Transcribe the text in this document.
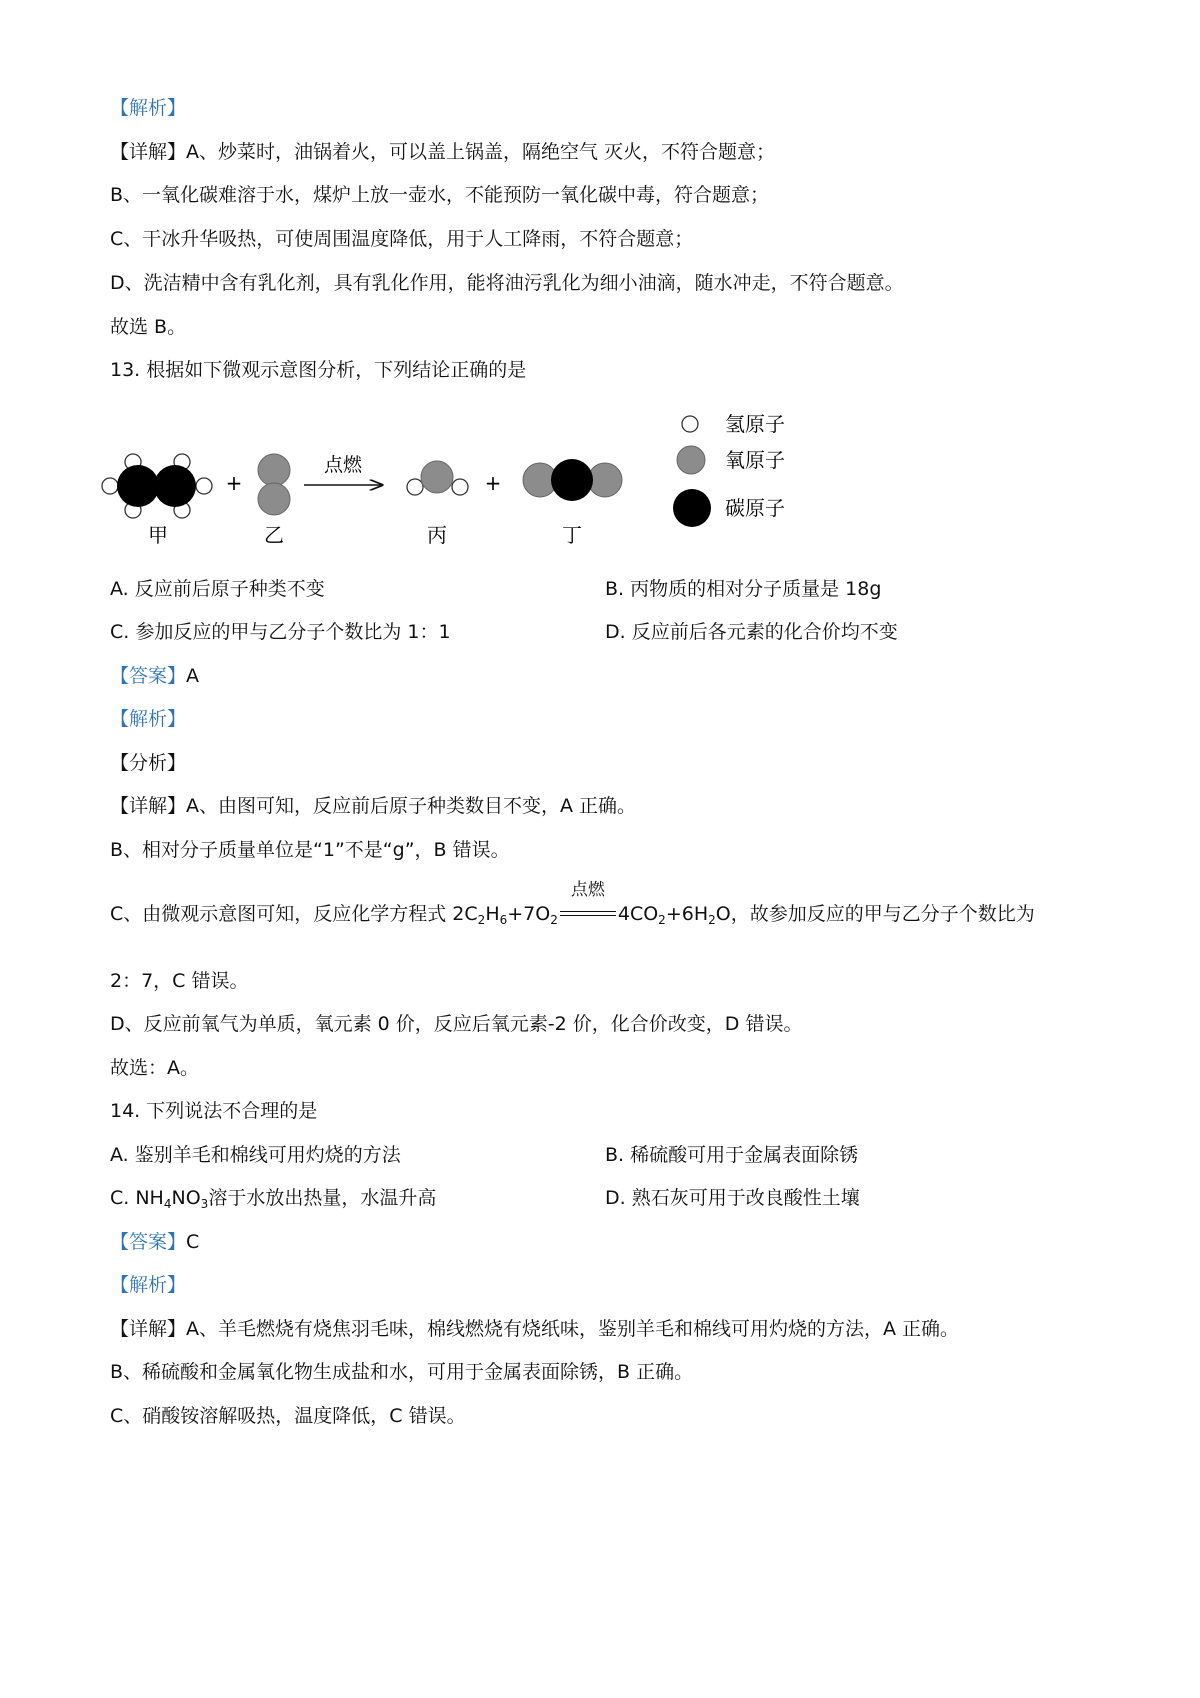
【解析】
【详解】A、炒菜时，油锅着火，可以盖上锅盖，隔绝空气 灭火，不符合题意；
B、一氧化碳难溶于水，煤炉上放一壶水，不能预防一氧化碳中毒，符合题意；
C、干冰升华吸热，可使周围温度降低，用于人工降雨，不符合题意；
D、洗洁精中含有乳化剂，具有乳化作用，能将油污乳化为细小油滴，随水冲走，不符合题意。
故选 B。
13. 根据如下微观示意图分析，下列结论正确的是
+
点燃
+
甲	乙	丙	丁
氢原子
氧原子
碳原子
A. 反应前后原子种类不变	B. 丙物质的相对分子质量是 18g
C. 参加反应的甲与乙分子个数比为 1：1	D. 反应前后各元素的化合价均不变
【答案】A
【解析】
【分析】
【详解】A、由图可知，反应前后原子种类数目不变，A 正确。
B、相对分子质量单位是“1”不是“g”，B 错误。
C、由微观示意图可知，反应化学方程式 $2C_2H_6+7O_2$
点燃
$4CO_2+6H_2O$，故参加反应的甲与乙分子个数比为
2：7，C 错误。
D、反应前氧气为单质，氧元素 0 价，反应后氧元素-2 价，化合价改变，D 错误。
故选：A。
14. 下列说法不合理的是
A. 鉴别羊毛和棉线可用灼烧的方法	B. 稀硫酸可用于金属表面除锈
C. $NH_4NO_3$溶于水放出热量，水温升高	D. 熟石灰可用于改良酸性土壤
【答案】C
【解析】
【详解】A、羊毛燃烧有烧焦羽毛味，棉线燃烧有烧纸味，鉴别羊毛和棉线可用灼烧的方法，A 正确。
B、稀硫酸和金属氧化物生成盐和水，可用于金属表面除锈，B 正确。
C、硝酸铵溶解吸热，温度降低，C 错误。
